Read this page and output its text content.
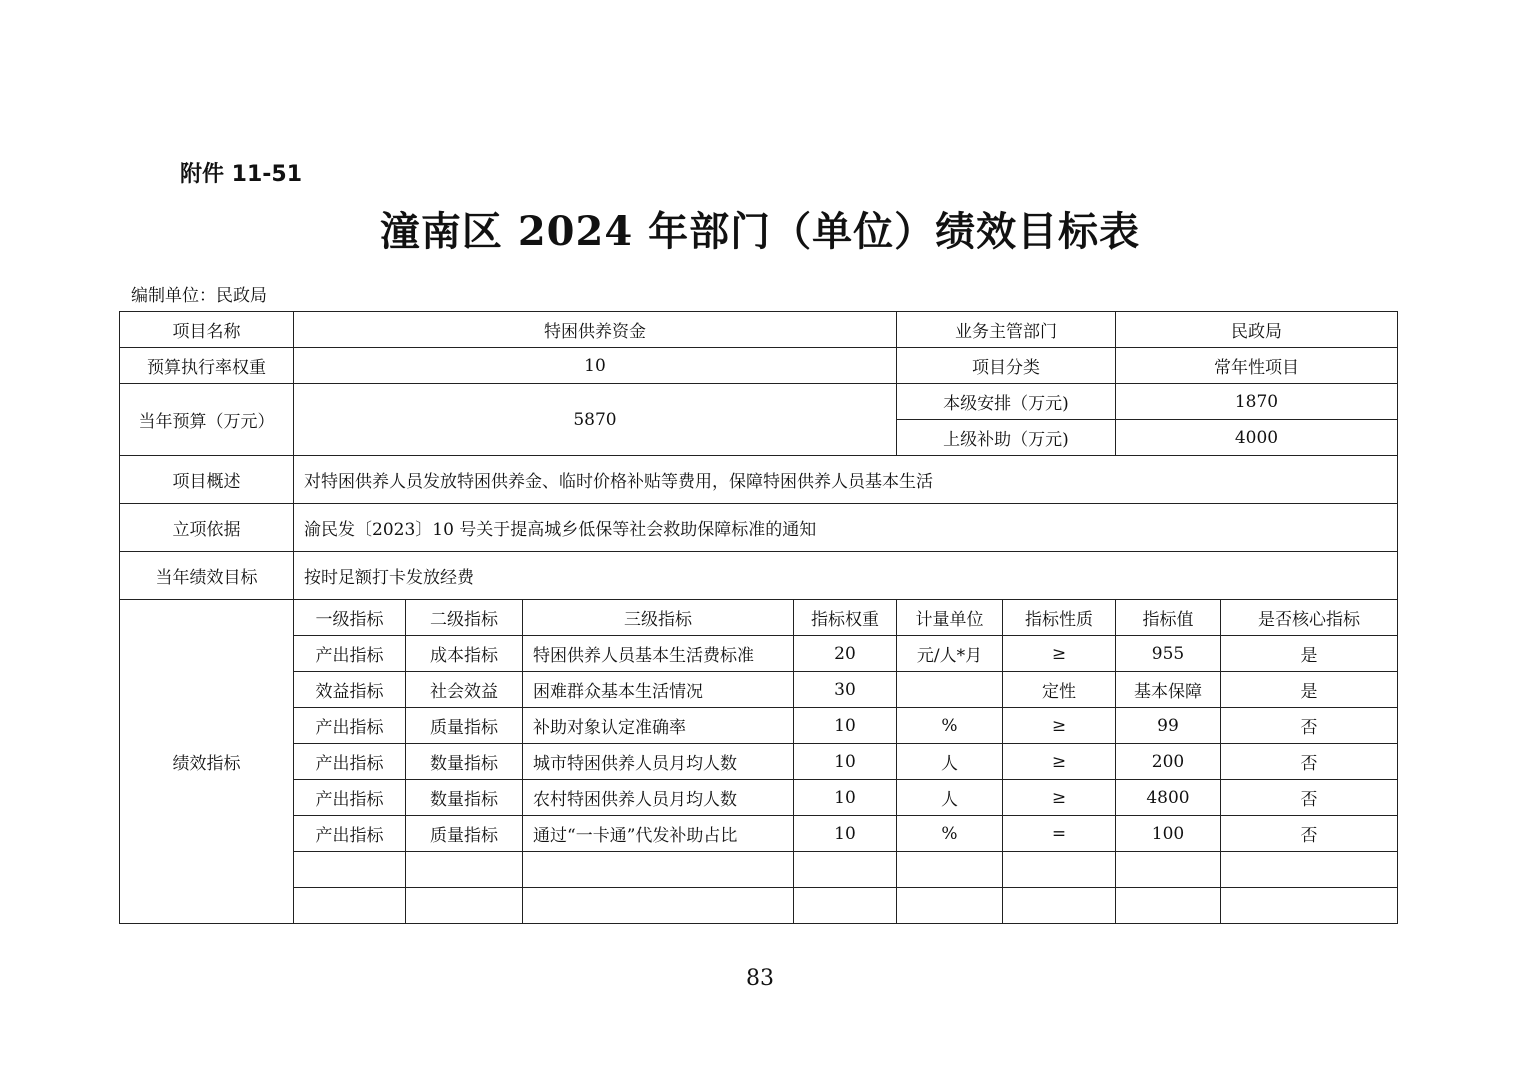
附件 11-51
潼南区 2024 年部门（单位）绩效目标表
编制单位：民政局
项目名称	特困供养资金				业务主管部门		民政局	
预算执行率权重	10				项目分类		常年性项目	
当年预算（万元）	5870				本级安排（万元)		1870	
					上级补助（万元)		4000	
项目概述	对特困供养人员发放特困供养金、临时价格补贴等费用，保障特困供养人员基本生活							
立项依据	渝民发〔2023〕10 号关于提高城乡低保等社会救助保障标准的通知							
当年绩效目标	按时足额打卡发放经费							
绩效指标	一级指标	二级指标	三级指标	指标权重	计量单位	指标性质	指标值	是否核心指标
	产出指标	成本指标	特困供养人员基本生活费标准	20	元/人*月	≥	955	是
	效益指标	社会效益	困难群众基本生活情况	30		定性	基本保障	是
	产出指标	质量指标	补助对象认定准确率	10	%	≥	99	否
	产出指标	数量指标	城市特困供养人员月均人数	10	人	≥	200	否
	产出指标	数量指标	农村特困供养人员月均人数	10	人	≥	4800	否
	产出指标	质量指标	通过“一卡通”代发补助占比	10	%	=	100	否

83
